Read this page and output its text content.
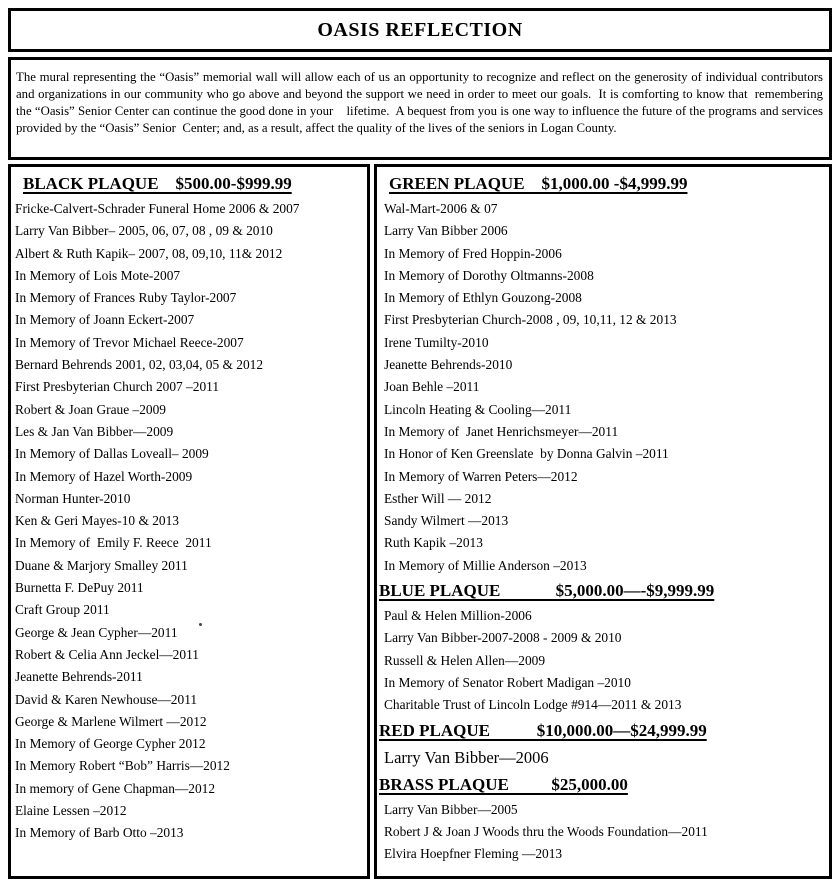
OASIS REFLECTION

The mural representing the “Oasis” memorial wall will allow each of us an opportunity to recognize and reflect on the generosity of individual contributors and organizations in our community who go above and beyond the support we need in order to meet our goals.  It is comforting to know that  remembering the “Oasis” Senior Center can continue the good done in your    lifetime.  A bequest from you is one way to influence the future of the programs and services provided by the “Oasis” Senior  Center; and, as a result, affect the quality of the lives of the seniors in Logan County.

BLACK PLAQUE    $500.00-$999.99
Fricke-Calvert-Schrader Funeral Home 2006 & 2007
Larry Van Bibber– 2005, 06, 07, 08 , 09 & 2010
Albert & Ruth Kapik– 2007, 08, 09,10, 11& 2012
In Memory of Lois Mote-2007
In Memory of Frances Ruby Taylor-2007
In Memory of Joann Eckert-2007
In Memory of Trevor Michael Reece-2007
Bernard Behrends 2001, 02, 03,04, 05 & 2012
First Presbyterian Church 2007 –2011
Robert & Joan Graue –2009
Les & Jan Van Bibber—2009
In Memory of Dallas Loveall– 2009
In Memory of Hazel Worth-2009
Norman Hunter-2010
Ken & Geri Mayes-10 & 2013
In Memory of  Emily F. Reece  2011
Duane & Marjory Smalley 2011
Burnetta F. DePuy 2011
Craft Group 2011
George & Jean Cypher—2011
Robert & Celia Ann Jeckel—2011
Jeanette Behrends-2011
David & Karen Newhouse—2011
George & Marlene Wilmert —2012
In Memory of George Cypher 2012
In Memory Robert “Bob” Harris—2012
In memory of Gene Chapman—2012
Elaine Lessen –2012
In Memory of Barb Otto –2013
GREEN PLAQUE    $1,000.00 -$4,999.99
Wal-Mart-2006 & 07
Larry Van Bibber 2006
In Memory of Fred Hoppin-2006
In Memory of Dorothy Oltmanns-2008
In Memory of Ethlyn Gouzong-2008
First Presbyterian Church-2008 , 09, 10,11, 12 & 2013
Irene Tumilty-2010
Jeanette Behrends-2010
Joan Behle –2011
Lincoln Heating & Cooling—2011
In Memory of  Janet Henrichsmeyer—2011
In Honor of Ken Greenslate  by Donna Galvin –2011
In Memory of Warren Peters—2012
Esther Will — 2012
Sandy Wilmert —2013
Ruth Kapik –2013
In Memory of Millie Anderson –2013
BLUE PLAQUE             $5,000.00—-$9,999.99
Paul & Helen Million-2006
Larry Van Bibber-2007-2008 - 2009 & 2010
Russell & Helen Allen—2009
In Memory of Senator Robert Madigan –2010
Charitable Trust of Lincoln Lodge #914—2011 & 2013
RED PLAQUE           $10,000.00—$24,999.99
Larry Van Bibber—2006
BRASS PLAQUE          $25,000.00
Larry Van Bibber—2005
Robert J & Joan J Woods thru the Woods Foundation—2011
Elvira Hoepfner Fleming —2013
